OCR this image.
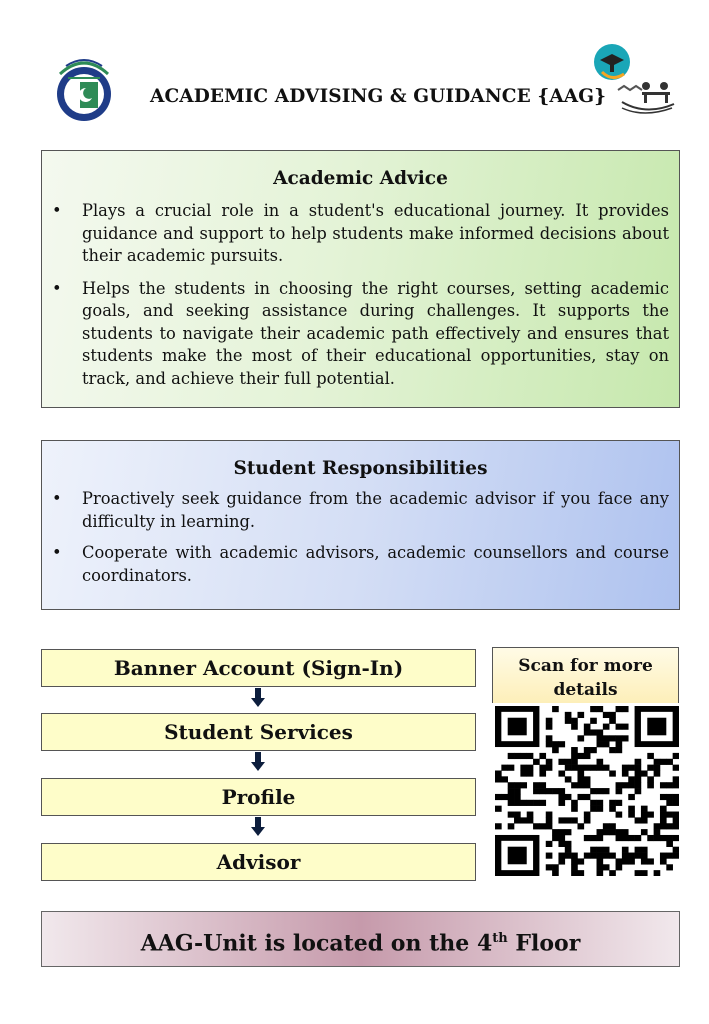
ACADEMIC ADVISING & GUIDANCE {AAG}
Academic Advice
• Plays a crucial role in a student's educational journey. It provides guidance and support to help students make informed decisions about their academic pursuits.
• Helps the students in choosing the right courses, setting academic goals, and seeking assistance during challenges. It supports the students to navigate their academic path effectively and ensures that students make the most of their educational opportunities, stay on track, and achieve their full potential.
Student Responsibilities
• Proactively seek guidance from the academic advisor if you face any difficulty in learning.
• Cooperate with academic advisors, academic counsellors and course coordinators.
Banner Account (Sign-In)
Student Services
Profile
Advisor
Scan for more details
AAG-Unit is located on the 4th Floor
